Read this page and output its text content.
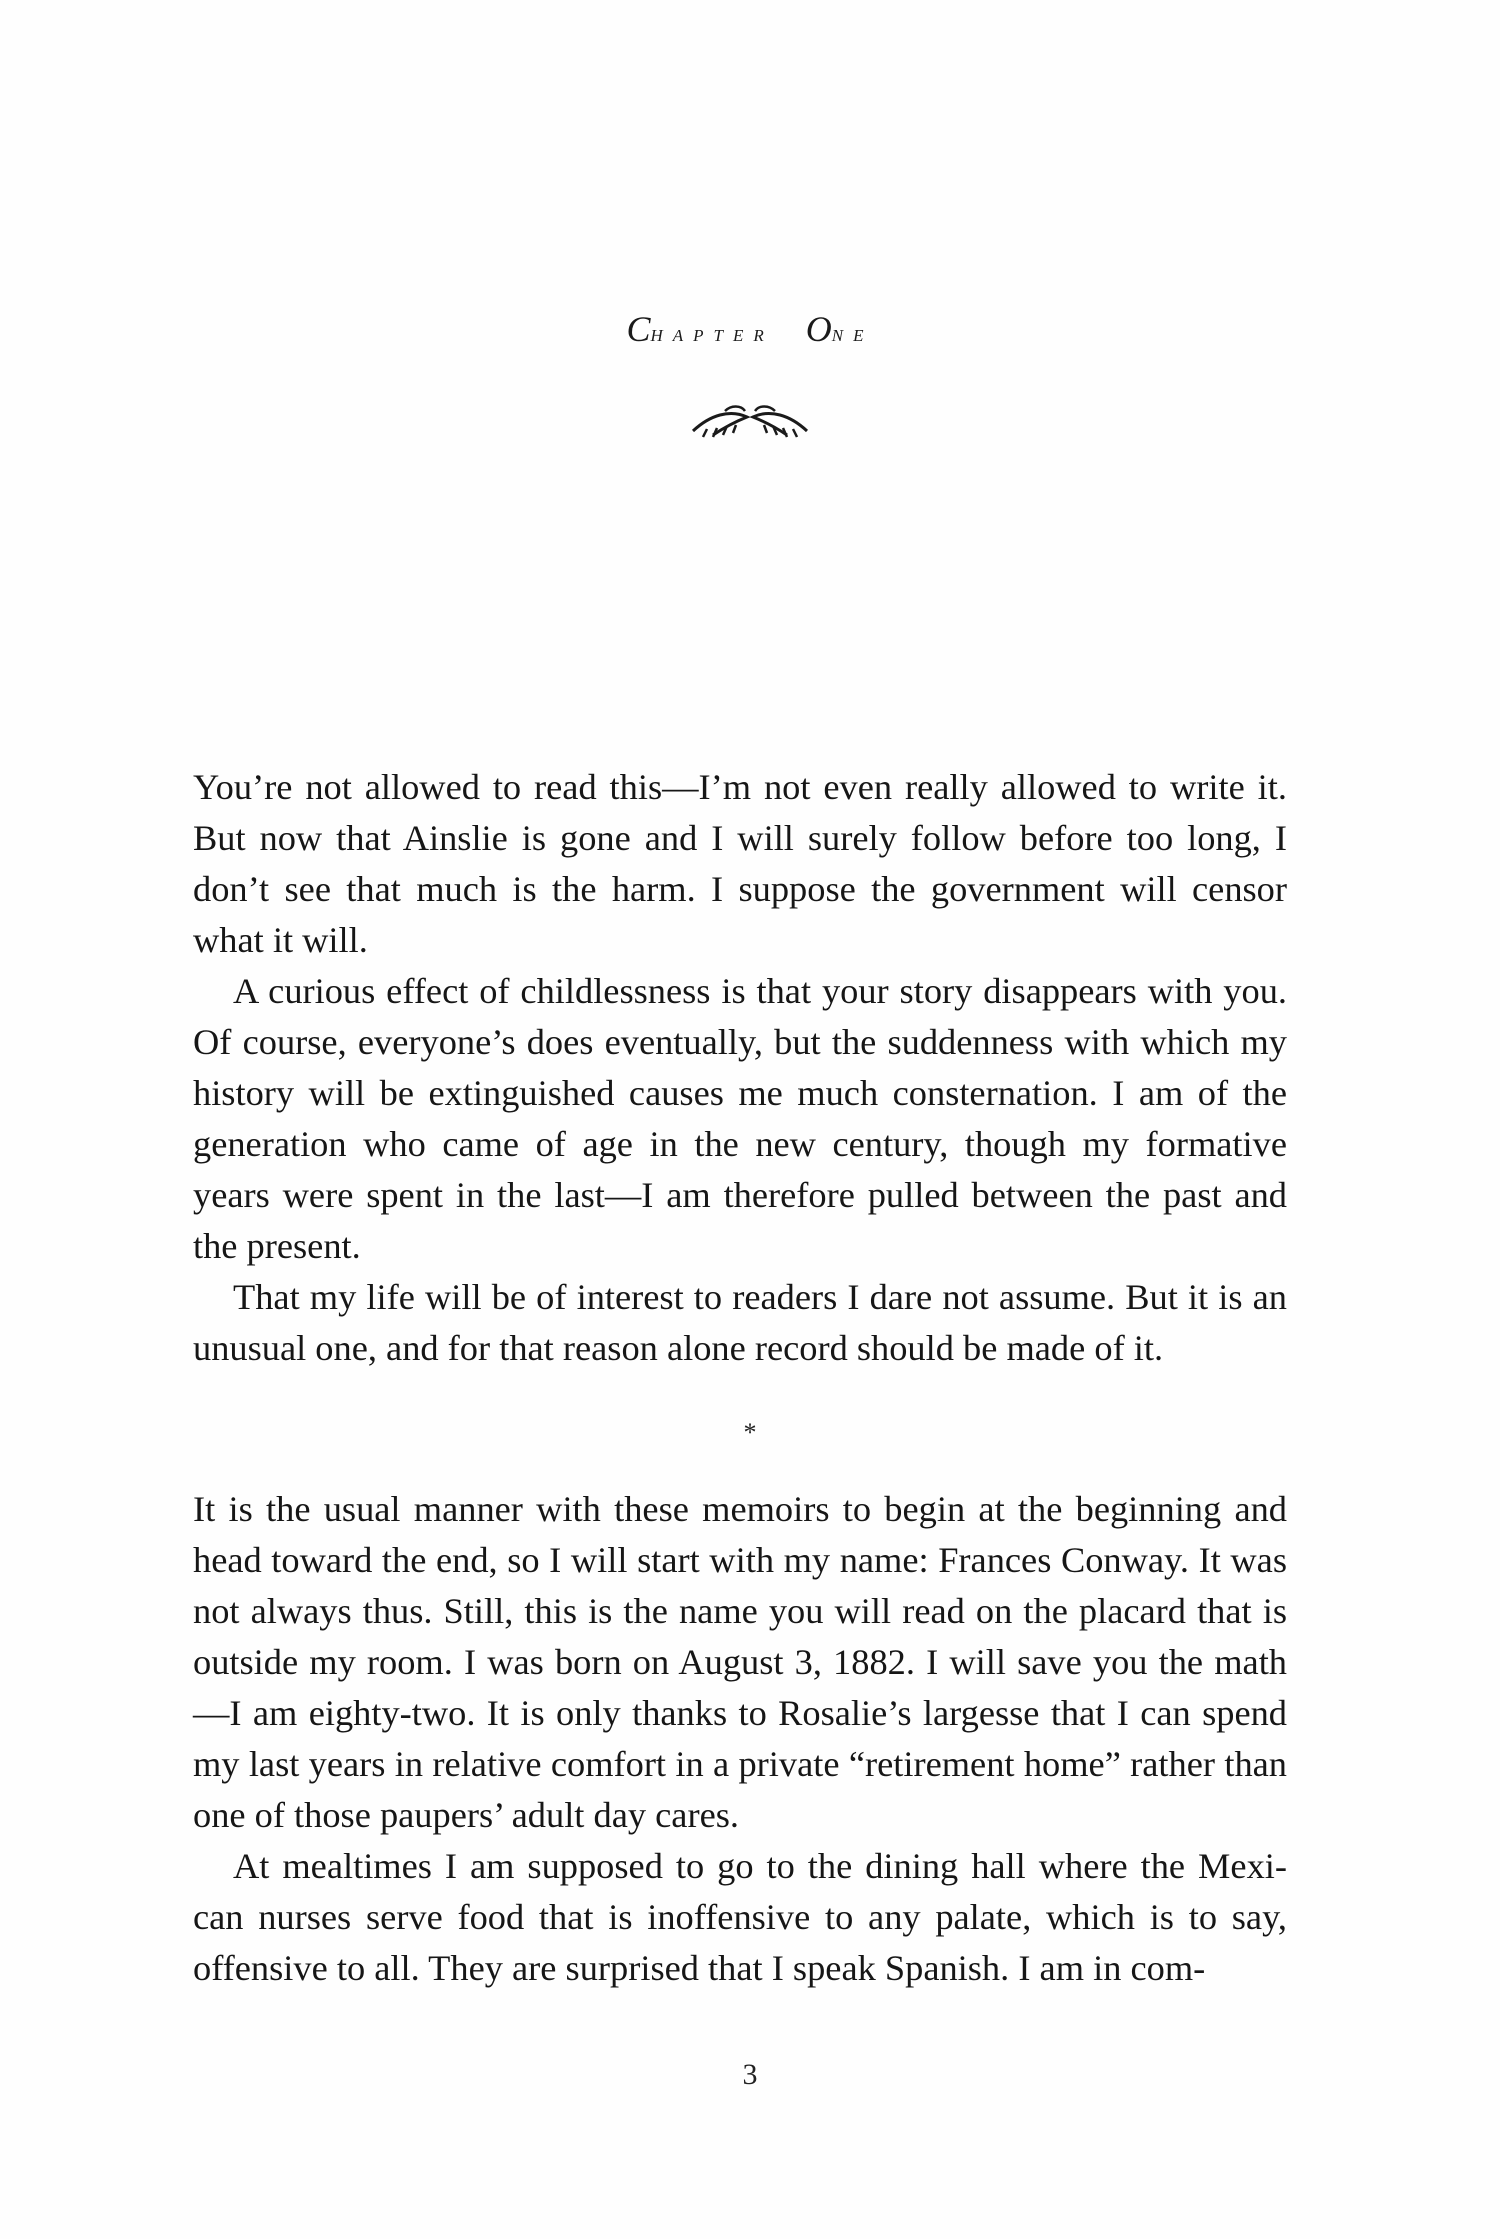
Chapter One

You’re not allowed to read this—I’m not even really allowed to write it. But now that Ainslie is gone and I will surely follow before too long, I don’t see that much is the harm. I suppose the government will censor what it will.

A curious effect of childlessness is that your story disappears with you. Of course, everyone’s does eventually, but the suddenness with which my history will be extinguished causes me much consternation. I am of the generation who came of age in the new century, though my formative years were spent in the last—I am therefore pulled between the past and the present.

That my life will be of interest to readers I dare not assume. But it is an unusual one, and for that reason alone record should be made of it.

*

It is the usual manner with these memoirs to begin at the beginning and head toward the end, so I will start with my name: Frances Conway. It was not always thus. Still, this is the name you will read on the placard that is outside my room. I was born on August 3, 1882. I will save you the math—I am eighty-two. It is only thanks to Rosalie’s largesse that I can spend my last years in relative comfort in a private “retirement home” rather than one of those paupers’ adult day cares.

At mealtimes I am supposed to go to the dining hall where the Mexi-can nurses serve food that is inoffensive to any palate, which is to say, offensive to all. They are surprised that I speak Spanish. I am in com-

3
